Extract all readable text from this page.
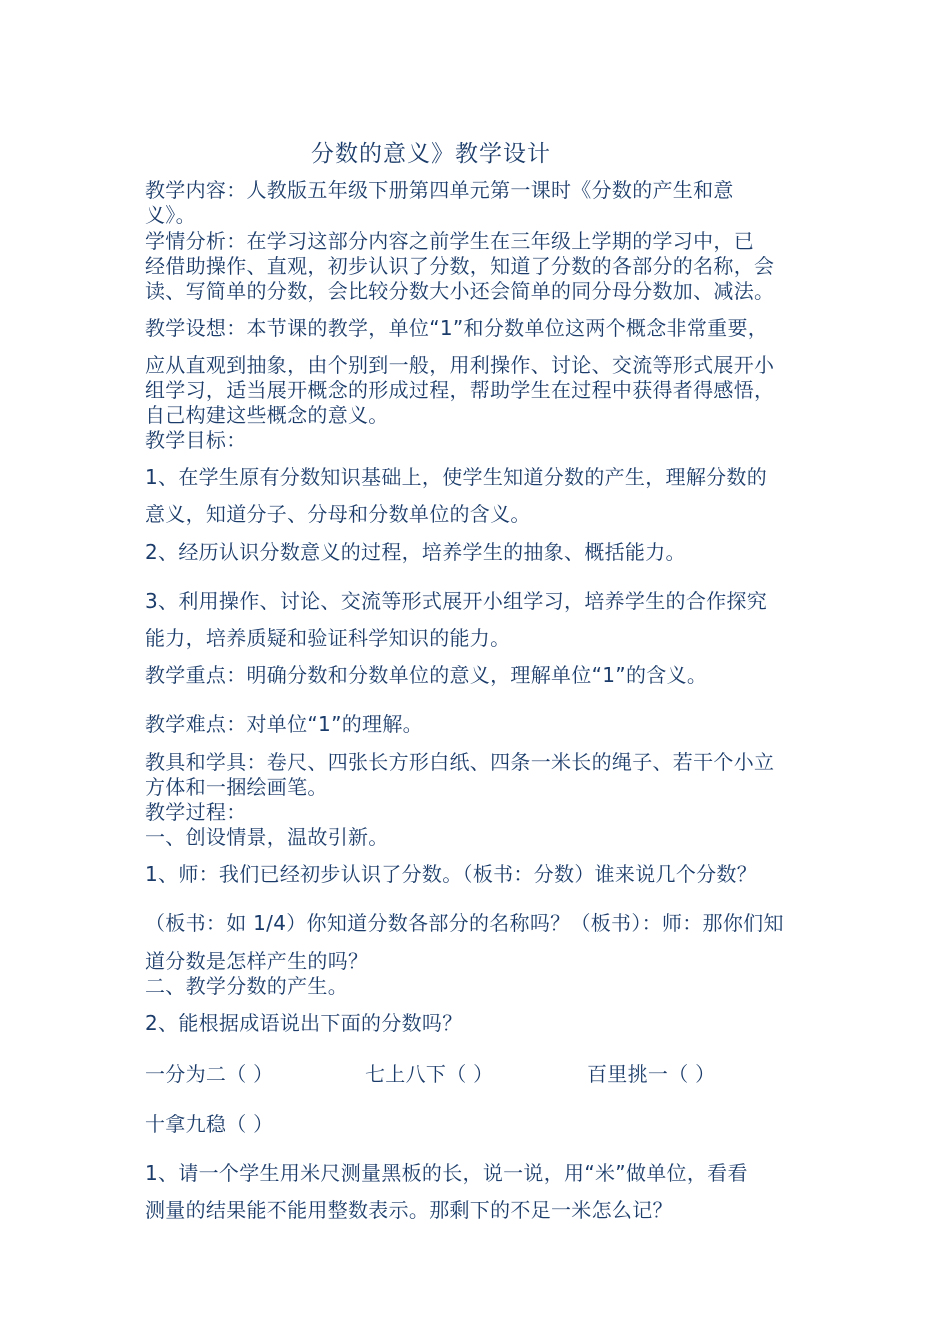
分数的意义》教学设计
教学内容：人教版五年级下册第四单元第一课时《分数的产生和意
义》。
学情分析：在学习这部分内容之前学生在三年级上学期的学习中，已
经借助操作、直观，初步认识了分数，知道了分数的各部分的名称，会
读、写简单的分数，会比较分数大小还会简单的同分母分数加、减法。
教学设想：本节课的教学，单位“1”和分数单位这两个概念非常重要，
应从直观到抽象，由个别到一般，用利操作、讨论、交流等形式展开小
组学习，适当展开概念的形成过程，帮助学生在过程中获得者得感悟，
自己构建这些概念的意义。
教学目标：
1、在学生原有分数知识基础上，使学生知道分数的产生，理解分数的
意义，知道分子、分母和分数单位的含义。
2、经历认识分数意义的过程，培养学生的抽象、概括能力。
3、利用操作、讨论、交流等形式展开小组学习，培养学生的合作探究
能力，培养质疑和验证科学知识的能力。
教学重点：明确分数和分数单位的意义，理解单位“1”的含义。
教学难点：对单位“1”的理解。
教具和学具：卷尺、四张长方形白纸、四条一米长的绳子、若干个小立
方体和一捆绘画笔。
教学过程：
一、创设情景，温故引新。
1、师：我们已经初步认识了分数。（板书：分数）谁来说几个分数？
（板书：如 1/4）你知道分数各部分的名称吗？（板书）：师：那你们知
道分数是怎样产生的吗？
二、教学分数的产生。
2、能根据成语说出下面的分数吗？
一分为二（ ）	七上八下（ ）	百里挑一（ ）
十拿九稳（ ）
1、请一个学生用米尺测量黑板的长，说一说，用“米”做单位，看看
测量的结果能不能用整数表示。那剩下的不足一米怎么记？
